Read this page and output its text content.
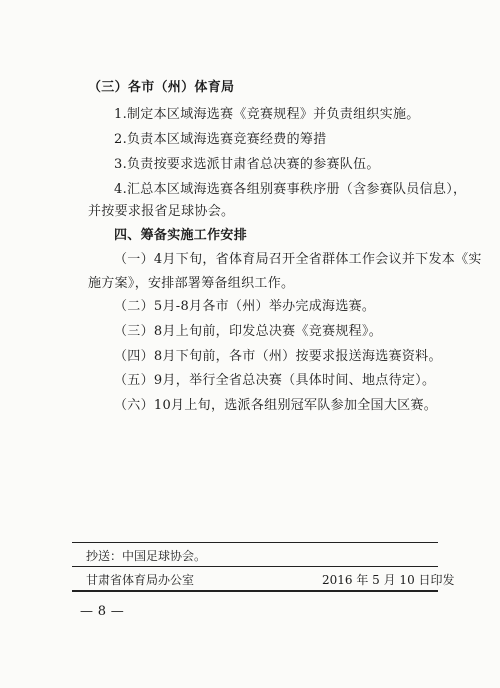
（三）各市（州）体育局
1.制定本区域海选赛《竞赛规程》并负责组织实施。
2.负责本区域海选赛竞赛经费的筹措
3.负责按要求选派甘肃省总决赛的参赛队伍。
4.汇总本区域海选赛各组别赛事秩序册（含参赛队员信息），
并按要求报省足球协会。
四、筹备实施工作安排
（一）4月下旬，省体育局召开全省群体工作会议并下发本《实
施方案》，安排部署筹备组织工作。
（二）5月-8月各市（州）举办完成海选赛。
（三）8月上旬前，印发总决赛《竞赛规程》。
（四）8月下旬前，各市（州）按要求报送海选赛资料。
（五）9月，举行全省总决赛（具体时间、地点待定）。
（六）10月上旬，选派各组别冠军队参加全国大区赛。
抄送：中国足球协会。
甘肃省体育局办公室	2016 年 5 月 10 日印发
— 8 —
